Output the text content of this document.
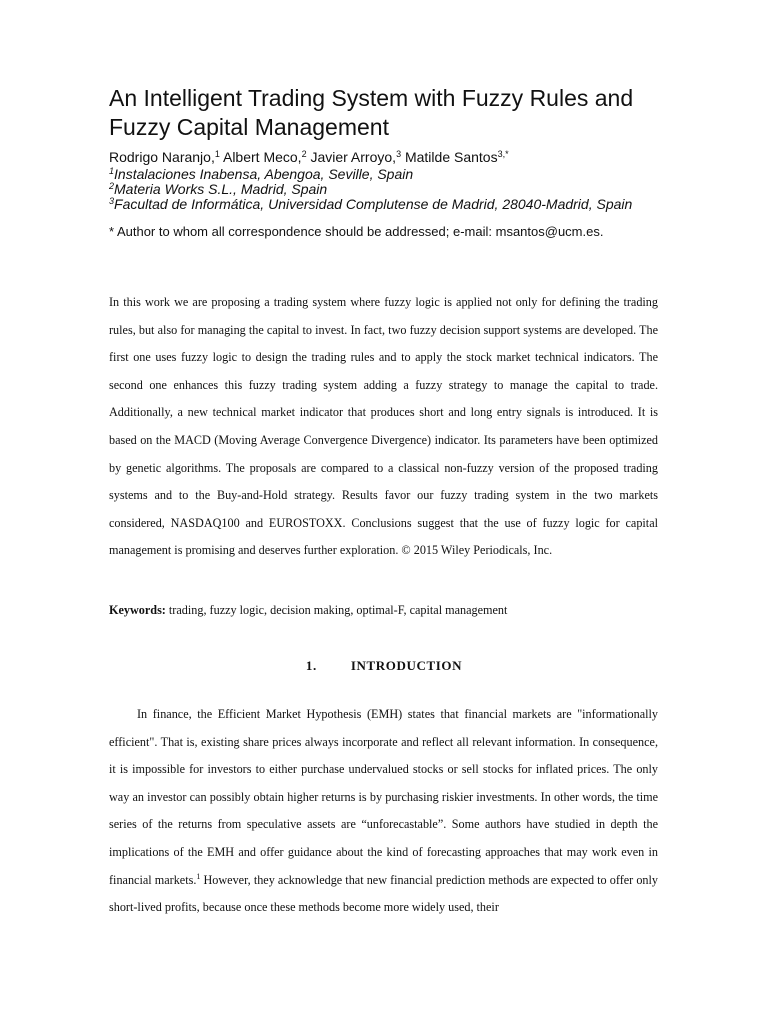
An Intelligent Trading System with Fuzzy Rules and Fuzzy Capital Management
Rodrigo Naranjo,$^1$ Albert Meco,$^2$ Javier Arroyo,$^3$ Matilde Santos$^{3,*}$
$^1$Instalaciones Inabensa, Abengoa, Seville, Spain
$^2$Materia Works S.L., Madrid, Spain
$^3$Facultad de Informática, Universidad Complutense de Madrid, 28040-Madrid, Spain
* Author to whom all correspondence should be addressed; e-mail: msantos@ucm.es.

In this work we are proposing a trading system where fuzzy logic is applied not only for defining the trading rules, but also for managing the capital to invest. In fact, two fuzzy decision support systems are developed. The first one uses fuzzy logic to design the trading rules and to apply the stock market technical indicators. The second one enhances this fuzzy trading system adding a fuzzy strategy to manage the capital to trade. Additionally, a new technical market indicator that produces short and long entry signals is introduced. It is based on the MACD (Moving Average Convergence Divergence) indicator. Its parameters have been optimized by genetic algorithms. The proposals are compared to a classical non-fuzzy version of the proposed trading systems and to the Buy-and-Hold strategy. Results favor our fuzzy trading system in the two markets considered, NASDAQ100 and EUROSTOXX. Conclusions suggest that the use of fuzzy logic for capital management is promising and deserves further exploration. © 2015 Wiley Periodicals, Inc.

Keywords: trading, fuzzy logic, decision making, optimal-F, capital management
1.	INTRODUCTION

In finance, the Efficient Market Hypothesis (EMH) states that financial markets are "informationally efficient". That is, existing share prices always incorporate and reflect all relevant information. In consequence, it is impossible for investors to either purchase undervalued stocks or sell stocks for inflated prices. The only way an investor can possibly obtain higher returns is by purchasing riskier investments. In other words, the time series of the returns from speculative assets are “unforecastable”. Some authors have studied in depth the implications of the EMH and offer guidance about the kind of forecasting approaches that may work even in financial markets.$^1$ However, they acknowledge that new financial prediction methods are expected to offer only short-lived profits, because once these methods become more widely used, their
